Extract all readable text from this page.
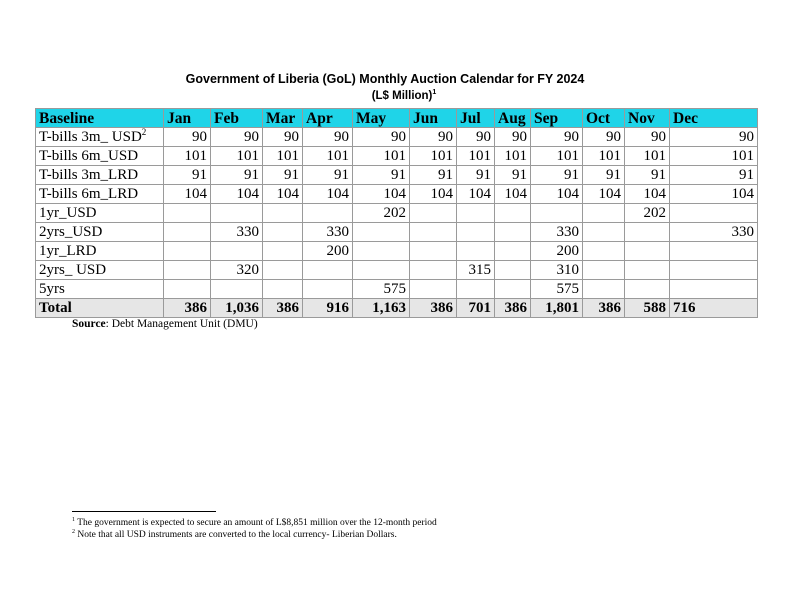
Government of Liberia (GoL) Monthly Auction Calendar for FY 2024
(L$ Million)$^1$
Baseline	Jan	Feb	Mar	Apr	May	Jun	Jul	Aug	Sep	Oct	Nov	Dec
T-bills 3m_ USD$^2$	90	90	90	90	90	90	90	90	90	90	90	90
T-bills 6m_USD	101	101	101	101	101	101	101	101	101	101	101	101
T-bills 3m_LRD	91	91	91	91	91	91	91	91	91	91	91	91
T-bills 6m_LRD	104	104	104	104	104	104	104	104	104	104	104	104
1yr_USD					202						202	
2yrs_USD		330		330					330			330
1yr_LRD				200					200			
2yrs_ USD		320					315		310			
5yrs					575				575			
Total	386	1,036	386	916	1,163	386	701	386	1,801	386	588	716
Source: Debt Management Unit (DMU)
$^1$ The government is expected to secure an amount of L$8,851 million over the 12-month period
$^2$ Note that all USD instruments are converted to the local currency- Liberian Dollars.
